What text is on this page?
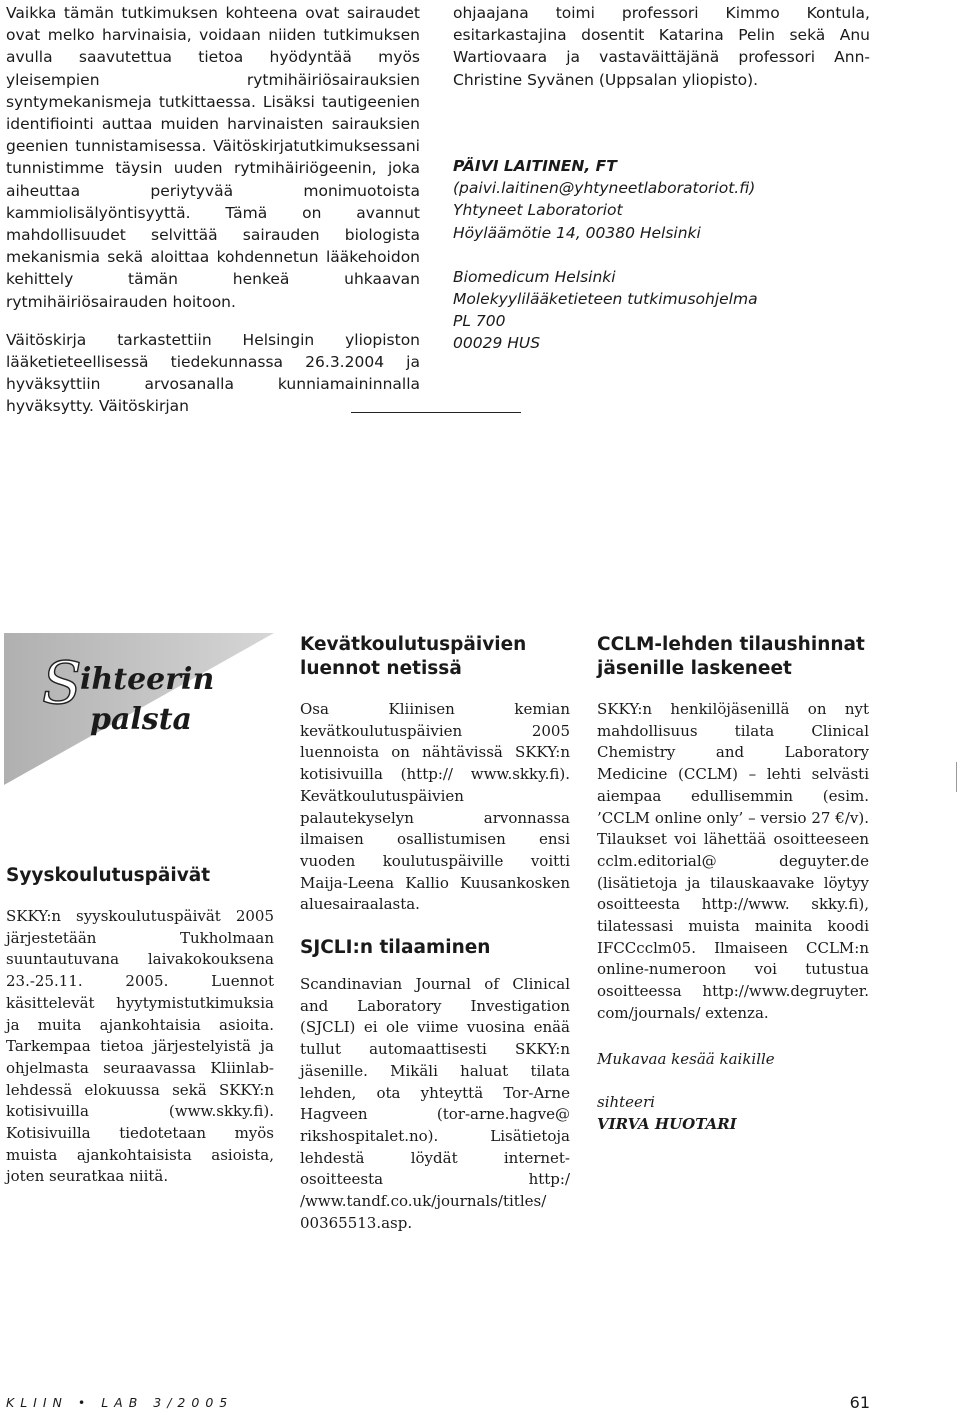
Vaikka tämän tutkimuksen kohteena ovat sairaudet ovat melko harvinaisia, voidaan niiden tutkimuksen avulla saavutettua tietoa hyödyntää myös yleisempien rytmihäiriösairauksien syntymekanismeja tutkittaessa. Lisäksi tautigeenien identifiointi auttaa muiden harvinaisten sairauksien geenien tunnistamisessa. Väitöskirjatutkimuksessani tunnistimme täysin uuden rytmihäiriögeenin, joka aiheuttaa periytyvää monimuotoista kammiolisälyöntisyyttä. Tämä on avannut mahdollisuudet selvittää sairauden biologista mekanismia sekä aloittaa kohdennetun lääkehoidon kehittely tämän henkeä uhkaavan rytmihäiriösairauden hoitoon.

Väitöskirja tarkastettiin Helsingin yliopiston lääketieteellisessä tiedekunnassa 26.3.2004 ja hyväksyttiin arvosanalla kunniamaininnalla hyväksytty. Väitöskirjan

ohjaajana toimi professori Kimmo Kontula, esitarkastajina dosentit Katarina Pelin sekä Anu Wartiovaara ja vastaväittäjänä professori Ann-Christine Syvänen (Uppsalan yliopisto).

PÄIVI LAITINEN, FT
(paivi.laitinen@yhtyneetlaboratoriot.fi)
Yhtyneet Laboratoriot
Höyläämötie 14, 00380 Helsinki
Biomedicum Helsinki
Molekyylilääketieteen tutkimusohjelma
PL 700
00029 HUS
S
ihteerin
palsta
Syyskoulutuspäivät

SKKY:n syyskoulutuspäivät 2005 järjestetään Tukholmaan suuntautuvana laivakokouksena 23.-25.11. 2005. Luennot käsittelevät hyytymistutkimuksia ja muita ajankohtaisia asioita. Tarkempaa tietoa järjestelyistä ja ohjelmasta seuraavassa Kliinlab-lehdessä elokuussa sekä SKKY:n kotisivuilla (www.skky.fi). Kotisivuilla tiedotetaan myös muista ajankohtaisista asioista, joten seuratkaa niitä.

Kevätkoulutuspäivien luennot netissä

Osa Kliinisen kemian kevätkoulutuspäivien 2005 luennoista on nähtävissä SKKY:n kotisivuilla (http:// www.skky.fi). Kevätkoulutuspäivien palautekyselyn arvonnassa ilmaisen osallistumisen ensi vuoden koulutuspäiville voitti Maija-Leena Kallio Kuusankosken aluesairaalasta.

SJCLI:n tilaaminen

Scandinavian Journal of Clinical and Laboratory Investigation (SJCLI) ei ole viime vuosina enää tullut automaattisesti SKKY:n jäsenille. Mikäli haluat tilata lehden, ota yhteyttä Tor-Arne Hagveen (tor-arne.hagve@ rikshospitalet.no). Lisätietoja lehdestä löydät internet-osoitteesta http:/ /www.tandf.co.uk/journals/titles/ 00365513.asp.

CCLM-lehden tilaushinnat jäsenille laskeneet

SKKY:n henkilöjäsenillä on nyt mahdollisuus tilata Clinical Chemistry and Laboratory Medicine (CCLM) – lehti selvästi aiempaa edullisemmin (esim. ’CCLM online only’ – versio 27 €/v). Tilaukset voi lähettää osoitteeseen cclm.editorial@ deguyter.de (lisätietoja ja tilauskaavake löytyy osoitteesta http://www. skky.fi), tilatessasi muista mainita koodi IFCCcclm05. Ilmaiseen CCLM:n online-numeroon voi tutustua osoitteessa http://www.degruyter. com/journals/ extenza.

Mukavaa kesää kaikille
sihteeri
VIRVA HUOTARI
KLIIN • LAB 3/2005	61
